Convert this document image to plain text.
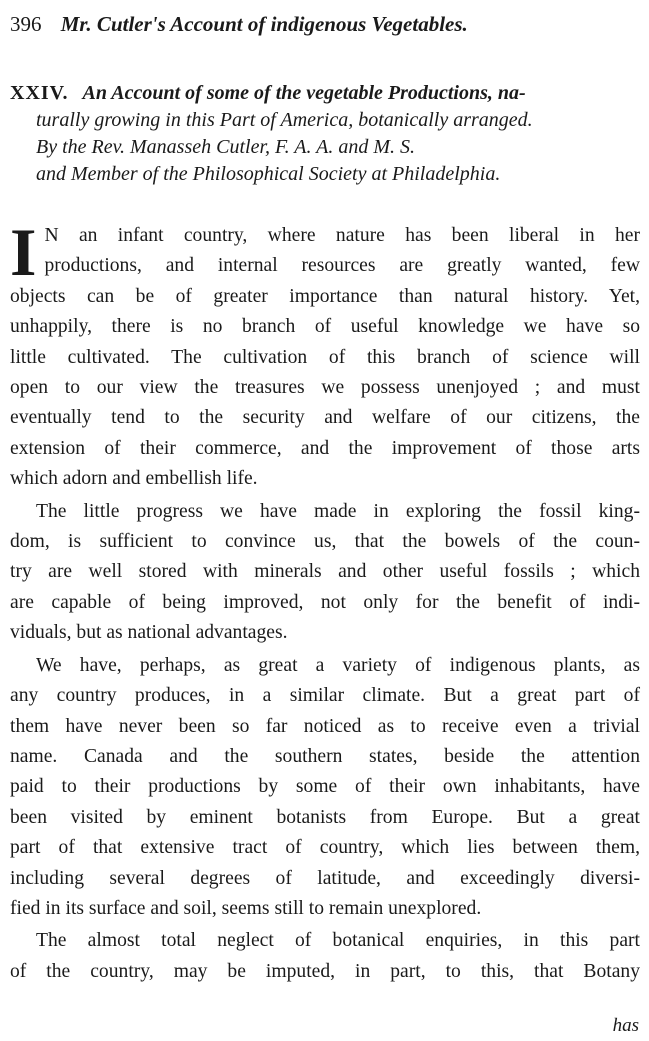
396 Mr. Cutler's Account of indigenous Vegetables.
XXIV. An Account of some of the vegetable Productions, na-
turally growing in this Part of America, botanically arranged.
By the Rev. Manasseh Cutler, F. A. A. and M. S.
and Member of the Philosophical Society at Philadelphia.

I N an infant country, where nature has been liberal in her
productions, and internal resources are greatly wanted, few
objects can be of greater importance than natural history. Yet,
unhappily, there is no branch of useful knowledge we have so
little cultivated. The cultivation of this branch of science will
open to our view the treasures we possess unenjoyed ; and must
eventually tend to the security and welfare of our citizens, the
extension of their commerce, and the improvement of those arts
which adorn and embellish life.

The little progress we have made in exploring the fossil king-
dom, is sufficient to convince us, that the bowels of the coun-
try are well stored with minerals and other useful fossils ; which
are capable of being improved, not only for the benefit of indi-
viduals, but as national advantages.

We have, perhaps, as great a variety of indigenous plants, as
any country produces, in a similar climate. But a great part of
them have never been so far noticed as to receive even a trivial
name. Canada and the southern states, beside the attention
paid to their productions by some of their own inhabitants, have
been visited by eminent botanists from Europe. But a great
part of that extensive tract of country, which lies between them,
including several degrees of latitude, and exceedingly diversi-
fied in its surface and soil, seems still to remain unexplored.

The almost total neglect of botanical enquiries, in this part
of the country, may be imputed, in part, to this, that Botany

has
